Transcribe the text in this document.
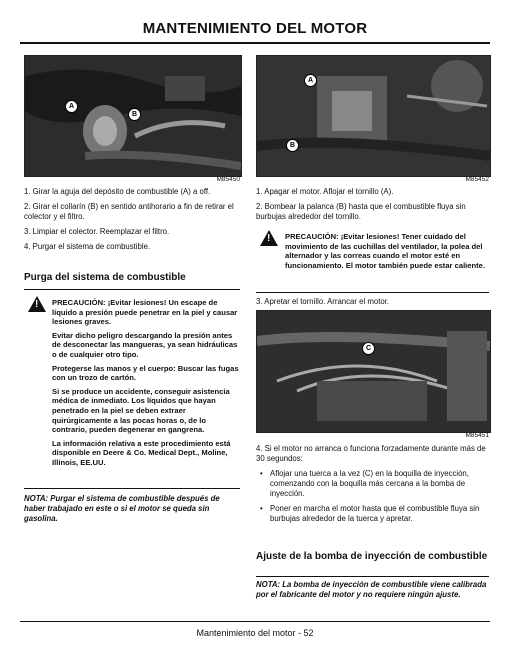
MANTENIMIENTO DEL MOTOR
A
B
M85450
A
B
M85452

1. Girar la aguja del depósito de combustible (A) a off.

2. Girar el collarín (B) en sentido antihorario a fin de retirar el colector y el filtro.

3. Limpiar el colector. Reemplazar el filtro.

4. Purgar el sistema de combustible.

Purga del sistema de combustible
!

PRECAUCIÓN: ¡Evitar lesiones! Un escape de líquido a presión puede penetrar en la piel y causar lesiones graves.

Evitar dicho peligro descargando la presión antes de desconectar las mangueras, ya sean hidráulicas o de cualquier otro tipo.

Protegerse las manos y el cuerpo: Buscar las fugas con un trozo de cartón.

Si se produce un accidente, conseguir asistencia médica de inmediato. Los líquidos que hayan penetrado en la piel se deben extraer quirúrgicamente a las pocas horas o, de lo contrario, pueden degenerar en gangrena.

La información relativa a este procedimiento está disponible en Deere & Co. Medical Dept., Moline, Illinois, EE.UU.

NOTA: Purgar el sistema de combustible después de haber trabajado en este o si el motor se queda sin gasolina.

1. Apagar el motor. Aflojar el tornillo (A).

2. Bombear la palanca (B) hasta que el combustible fluya sin burbujas alrededor del tornillo.

!
PRECAUCIÓN: ¡Evitar lesiones! Tener cuidado del movimiento de las cuchillas del ventilador, la polea del alternador y las correas cuando el motor esté en funcionamiento. El motor también puede estar caliente.

3. Apretar el tornillo. Arrancar el motor.

C
M85451

4. Si el motor no arranca o funciona forzadamente durante más de 30 segundos:

• Aflojar una tuerca a la vez (C) en la boquilla de inyección, comenzando con la boquilla más cercana a la bomba de inyección.

• Poner en marcha el motor hasta que el combustible fluya sin burbujas alrededor de la tuerca y apretar.

Ajuste de la bomba de inyección de combustible
NOTA: La bomba de inyección de combustible viene calibrada por el fabricante del motor y no requiere ningún ajuste.
Mantenimiento del motor - 52
